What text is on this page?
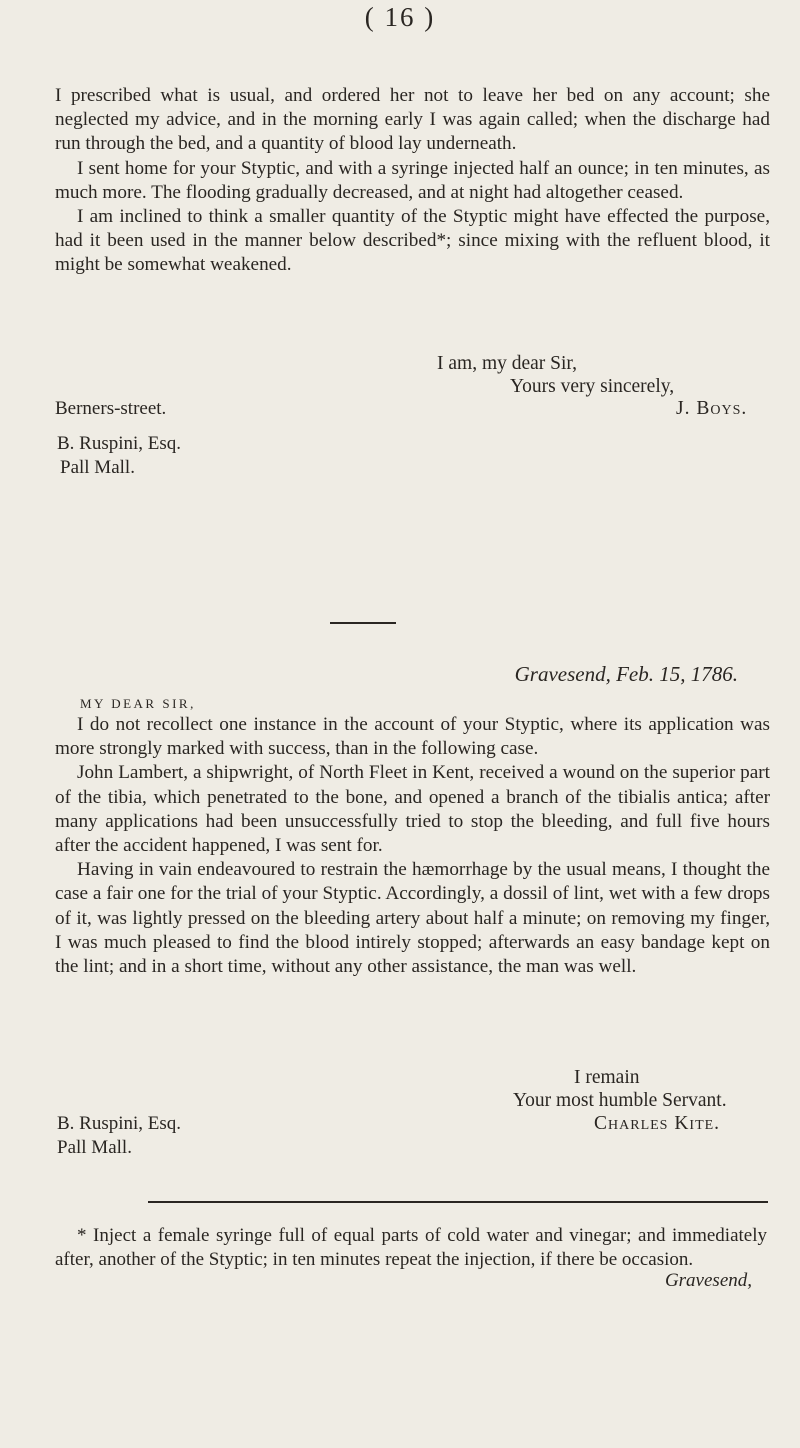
( 16 )

I prescribed what is usual, and ordered her not to leave her bed on any account; she neglected my advice, and in the morning early I was again called; when the discharge had run through the bed, and a quantity of blood lay underneath.

I sent home for your Styptic, and with a syringe injected half an ounce; in ten minutes, as much more. The flooding gradually decreased, and at night had altogether ceased.

I am inclined to think a smaller quantity of the Styptic might have effected the purpose, had it been used in the manner below described*; since mixing with the refluent blood, it might be somewhat weakened.

I am, my dear Sir,
Yours very sincerely,
J. Boys.
Berners-street.
B. Ruspini, Esq.
Pall Mall.
Gravesend, Feb. 15, 1786.
MY DEAR SIR,

I do not recollect one instance in the account of your Styptic, where its application was more strongly marked with success, than in the following case.

John Lambert, a shipwright, of North Fleet in Kent, received a wound on the superior part of the tibia, which penetrated to the bone, and opened a branch of the tibialis antica; after many applications had been unsuccessfully tried to stop the bleeding, and full five hours after the accident happened, I was sent for.

Having in vain endeavoured to restrain the hæmorrhage by the usual means, I thought the case a fair one for the trial of your Styptic. Accordingly, a dossil of lint, wet with a few drops of it, was lightly pressed on the bleeding artery about half a minute; on removing my finger, I was much pleased to find the blood intirely stopped; afterwards an easy bandage kept on the lint; and in a short time, without any other assistance, the man was well.

I remain
Your most humble Servant.
Charles Kite.
B. Ruspini, Esq.
Pall Mall.

* Inject a female syringe full of equal parts of cold water and vinegar; and immediately after, another of the Styptic; in ten minutes repeat the injection, if there be occasion.

Gravesend,
